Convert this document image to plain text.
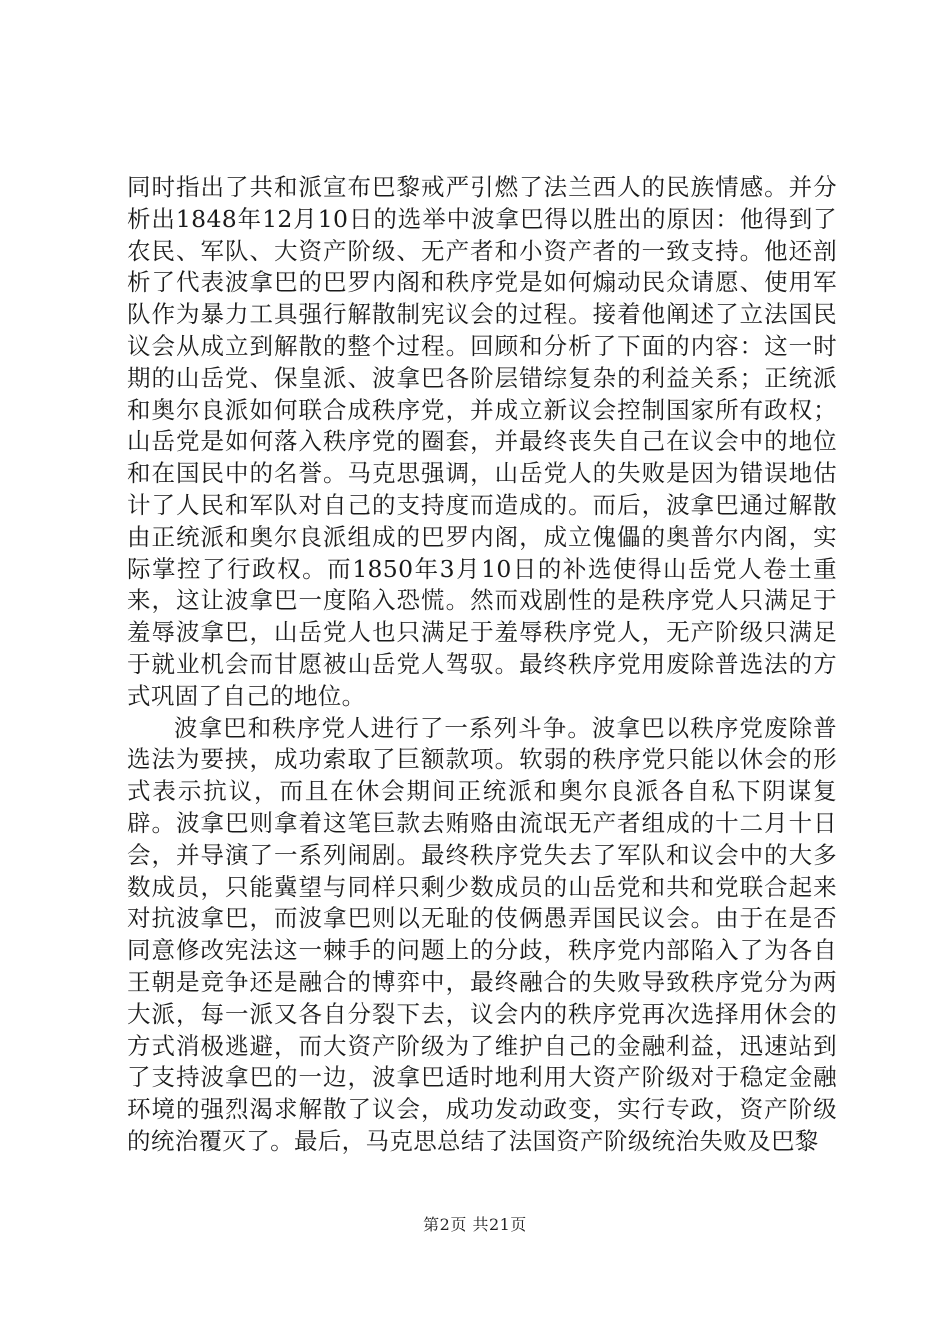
同时指出了共和派宣布巴黎戒严引燃了法兰西人的民族情感。并分析出1848年12月10日的选举中波拿巴得以胜出的原因：他得到了农民、军队、大资产阶级、无产者和小资产者的一致支持。他还剖析了代表波拿巴的巴罗内阁和秩序党是如何煽动民众请愿、使用军队作为暴力工具强行解散制宪议会的过程。接着他阐述了立法国民议会从成立到解散的整个过程。回顾和分析了下面的内容：这一时期的山岳党、保皇派、波拿巴各阶层错综复杂的利益关系；正统派和奥尔良派如何联合成秩序党，并成立新议会控制国家所有政权；山岳党是如何落入秩序党的圈套，并最终丧失自己在议会中的地位和在国民中的名誉。马克思强调，山岳党人的失败是因为错误地估计了人民和军队对自己的支持度而造成的。而后，波拿巴通过解散由正统派和奥尔良派组成的巴罗内阁，成立傀儡的奥普尔内阁，实际掌控了行政权。而1850年3月10日的补选使得山岳党人卷土重来，这让波拿巴一度陷入恐慌。然而戏剧性的是秩序党人只满足于羞辱波拿巴，山岳党人也只满足于羞辱秩序党人，无产阶级只满足于就业机会而甘愿被山岳党人驾驭。最终秩序党用废除普选法的方式巩固了自己的地位。

波拿巴和秩序党人进行了一系列斗争。波拿巴以秩序党废除普选法为要挟，成功索取了巨额款项。软弱的秩序党只能以休会的形式表示抗议，而且在休会期间正统派和奥尔良派各自私下阴谋复辟。波拿巴则拿着这笔巨款去贿赂由流氓无产者组成的十二月十日会，并导演了一系列闹剧。最终秩序党失去了军队和议会中的大多数成员，只能冀望与同样只剩少数成员的山岳党和共和党联合起来对抗波拿巴，而波拿巴则以无耻的伎俩愚弄国民议会。由于在是否同意修改宪法这一棘手的问题上的分歧，秩序党内部陷入了为各自王朝是竞争还是融合的博弈中，最终融合的失败导致秩序党分为两大派，每一派又各自分裂下去，议会内的秩序党再次选择用休会的方式消极逃避，而大资产阶级为了维护自己的金融利益，迅速站到了支持波拿巴的一边，波拿巴适时地利用大资产阶级对于稳定金融环境的强烈渴求解散了议会，成功发动政变，实行专政，资产阶级的统治覆灭了。最后，马克思总结了法国资产阶级统治失败及巴黎

第2页 共21页
